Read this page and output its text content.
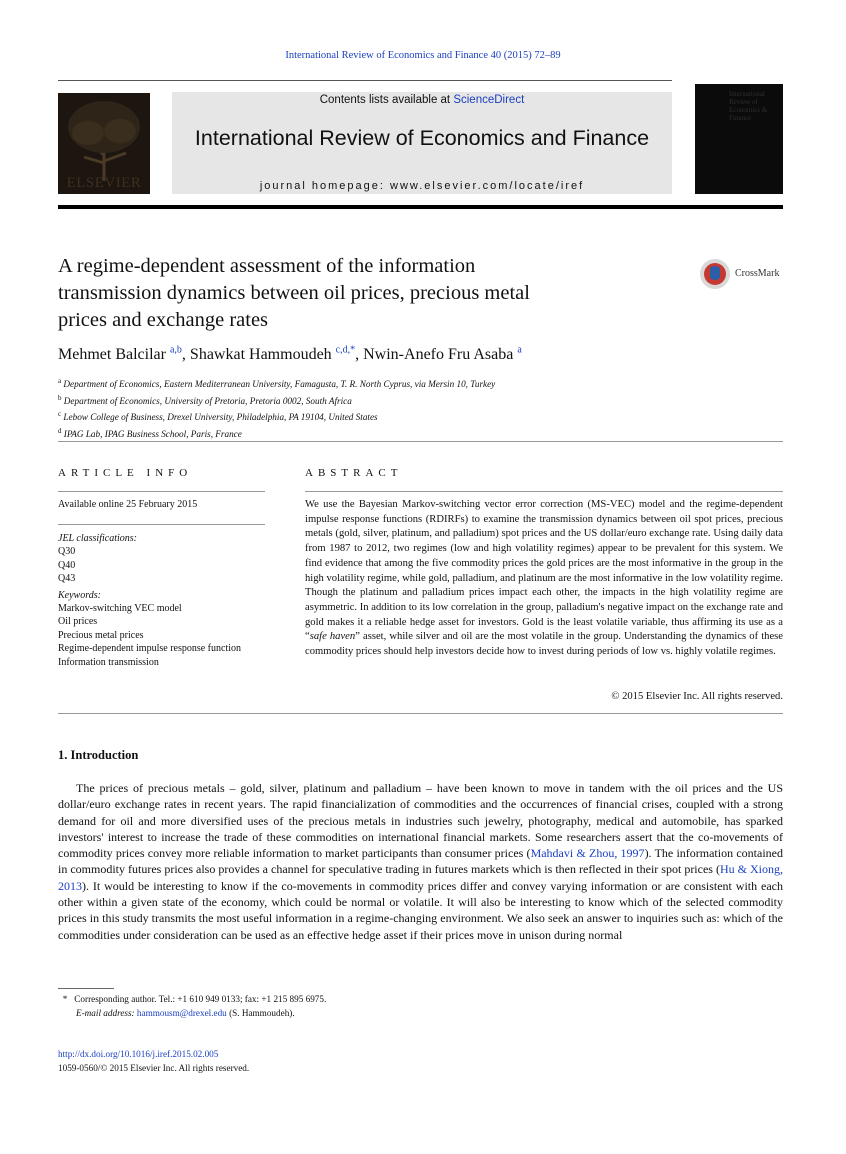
International Review of Economics and Finance 40 (2015) 72–89
ELSEVIER
Contents lists available at ScienceDirect
International Review of Economics and Finance
journal homepage: www.elsevier.com/locate/iref
International Review of Economics & Finance
A regime-dependent assessment of the information transmission dynamics between oil prices, precious metal prices and exchange rates
CrossMark
Mehmet Balcilar $^{a,b}$, Shawkat Hammoudeh $^{c,d,*}$, Nwin-Anefo Fru Asaba $^a$
$^a$ Department of Economics, Eastern Mediterranean University, Famagusta, T. R. North Cyprus, via Mersin 10, Turkey
$^b$ Department of Economics, University of Pretoria, Pretoria 0002, South Africa
$^c$ Lebow College of Business, Drexel University, Philadelphia, PA 19104, United States
$^d$ IPAG Lab, IPAG Business School, Paris, France
ARTICLE INFO
Available online 25 February 2015
JEL classifications:
Q30
Q40
Q43
Keywords:
Markov-switching VEC model
Oil prices
Precious metal prices
Regime-dependent impulse response function
Information transmission
ABSTRACT
We use the Bayesian Markov-switching vector error correction (MS-VEC) model and the regime-dependent impulse response functions (RDIRFs) to examine the transmission dynamics between oil spot prices, precious metals (gold, silver, platinum, and palladium) spot prices and the US dollar/euro exchange rate. Using daily data from 1987 to 2012, two regimes (low and high volatility regimes) appear to be prevalent for this system. We find evidence that among the five commodity prices the gold prices are the most informative in the group in the high volatility regime, while gold, palladium, and platinum are the most informative in the low volatility regime. Though the platinum and palladium prices impact each other, the impacts in the high volatility regime are asymmetric. In addition to its low correlation in the group, palladium's negative impact on the exchange rate and gold makes it a reliable hedge asset for investors. Gold is the least volatile variable, thus affirming its use as a “safe haven” asset, while silver and oil are the most volatile in the group. Understanding the dynamics of these commodity prices should help investors decide how to invest during periods of low vs. highly volatile regimes.
© 2015 Elsevier Inc. All rights reserved.
1. Introduction
The prices of precious metals – gold, silver, platinum and palladium – have been known to move in tandem with the oil prices and the US dollar/euro exchange rates in recent years. The rapid financialization of commodities and the occurrences of financial crises, coupled with a strong demand for oil and more diversified uses of the precious metals in industries such jewelry, photography, medical and automobile, has sparked investors' interest to increase the trade of these commodities on international financial markets. Some researchers assert that the co-movements of commodity prices convey more reliable information to market participants than consumer prices (Mahdavi & Zhou, 1997). The information contained in commodity futures prices also provides a channel for speculative trading in futures markets which is then reflected in their spot prices (Hu & Xiong, 2013). It would be interesting to know if the co-movements in commodity prices differ and convey varying information or are consistent with each other within a given state of the economy, which could be normal or volatile. It will also be interesting to know which of the selected commodity prices in this study transmits the most useful information in a regime-changing environment. We also seek an answer to inquiries such as: which of the commodities under consideration can be used as an effective hedge asset if their prices move in unison during normal
* Corresponding author. Tel.: +1 610 949 0133; fax: +1 215 895 6975.
E-mail address: hammousm@drexel.edu (S. Hammoudeh).
http://dx.doi.org/10.1016/j.iref.2015.02.005
1059-0560/© 2015 Elsevier Inc. All rights reserved.
